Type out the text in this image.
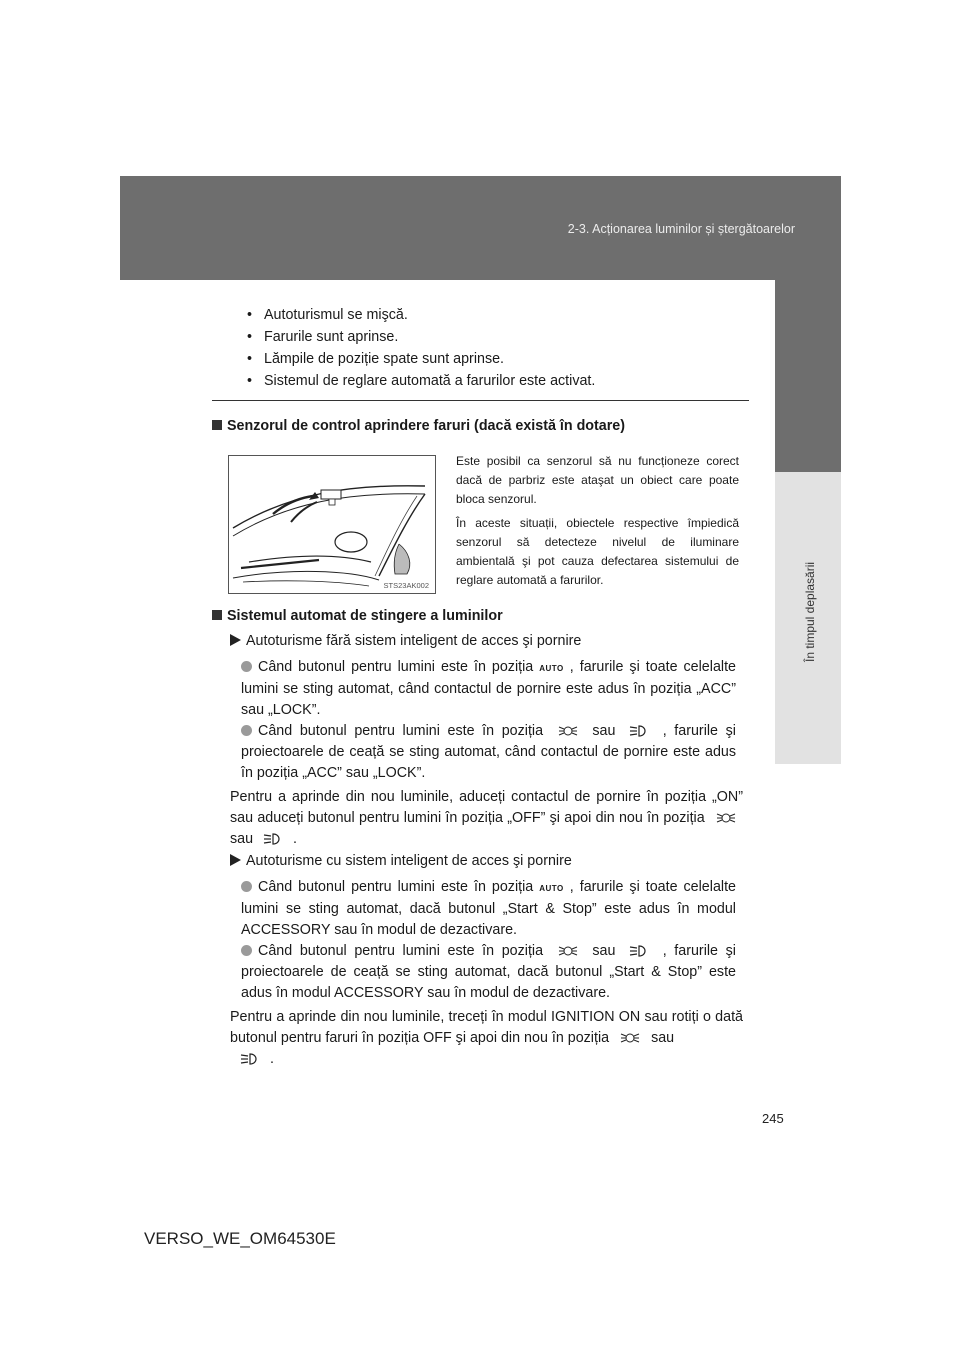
2-3. Acționarea luminilor și ștergătoarelor
În timpul deplasării
• Autoturismul se mişcă.
• Farurile sunt aprinse.
• Lămpile de poziție spate sunt aprinse.
• Sistemul de reglare automată a farurilor este activat.
Senzorul de control aprindere faruri (dacă există în dotare)
STS23AK002
Este posibil ca senzorul să nu funcționeze corect dacă de parbriz este ataşat un obiect care poate bloca senzorul.
În aceste situații, obiectele respective împiedică senzorul să detecteze nivelul de iluminare ambientală şi pot cauza defectarea sistemului de reglare automată a farurilor.
Sistemul automat de stingere a luminilor
Autoturisme fără sistem inteligent de acces şi pornire
Când butonul pentru lumini este în poziția AUTO , farurile şi toate celelalte lumini se sting automat, când contactul de pornire este adus în poziția „ACC” sau „LOCK”.
Când butonul pentru lumini este în poziția	sau	, farurile şi proiectoarele de ceață se sting automat, când contactul de pornire este adus în poziția „ACC” sau „LOCK”.
Pentru a aprinde din nou luminile, aduceți contactul de pornire în poziția „ON” sau aduceți butonul pentru lumini în poziția „OFF” şi apoi din nou în poziția  sau	.
Autoturisme cu sistem inteligent de acces şi pornire
Când butonul pentru lumini este în poziția AUTO , farurile şi toate celelalte lumini se sting automat, dacă butonul „Start & Stop” este adus în modul ACCESSORY sau în modul de dezactivare.
Când butonul pentru lumini este în poziția	sau	, farurile şi proiectoarele de ceață se sting automat, dacă butonul „Start & Stop” este adus în modul ACCESSORY sau în modul de dezactivare.
Pentru a aprinde din nou luminile, treceți în modul IGNITION ON sau rotiți o dată butonul pentru faruri în poziția OFF şi apoi din nou în poziția	sau
.
245
VERSO_WE_OM64530E
